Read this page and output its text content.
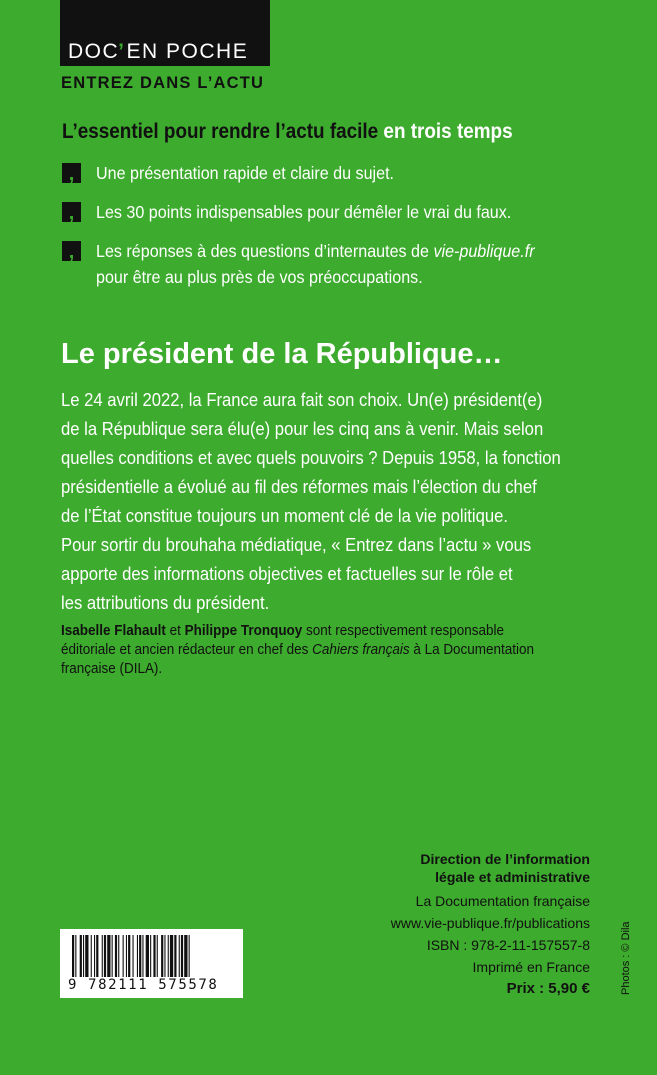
DOC’EN POCHE
ENTREZ DANS L’ACTU
L’essentiel pour rendre l’actu facile en trois temps
,	Une présentation rapide et claire du sujet.
,	Les 30 points indispensables pour démêler le vrai du faux.
,	Les réponses à des questions d’internautes de vie-publique.fr
pour être au plus près de vos préoccupations.
Le président de la République…
Le 24 avril 2022, la France aura fait son choix. Un(e) président(e)
de la République sera élu(e) pour les cinq ans à venir. Mais selon
quelles conditions et avec quels pouvoirs ? Depuis 1958, la fonction
présidentielle a évolué au fil des réformes mais l’élection du chef
de l’État constitue toujours un moment clé de la vie politique.
Pour sortir du brouhaha médiatique, « Entrez dans l’actu » vous
apporte des informations objectives et factuelles sur le rôle et
les attributions du président.
Isabelle Flahault et Philippe Tronquoy sont respectivement responsable
éditoriale et ancien rédacteur en chef des Cahiers français à La Documentation
française (DILA).
Direction de l’information
légale et administrative
La Documentation française
www.vie-publique.fr/publications
ISBN : 978-2-11-157557-8
Imprimé en France
Prix : 5,90 €	Photos : © Dila
9 782111 575578
